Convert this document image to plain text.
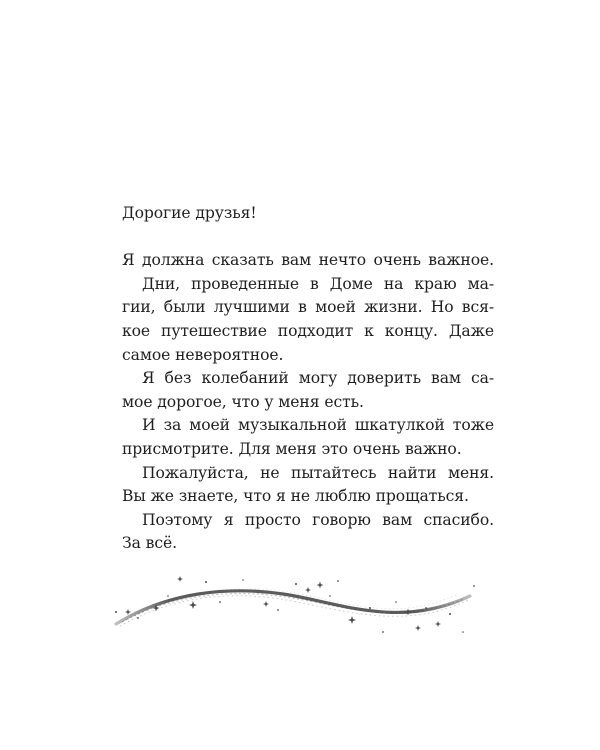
Дорогие друзья!
Я должна сказать вам нечто очень важное.
Дни, проведенные в Доме на краю ма-
гии, были лучшими в моей жизни. Но вся-
кое путешествие подходит к концу. Даже
самое невероятное.
Я без колебаний могу доверить вам са-
мое дорогое, что у меня есть.
И за моей музыкальной шкатулкой тоже
присмотрите. Для меня это очень важно.
Пожалуйста, не пытайтесь найти меня.
Вы же знаете, что я не люблю прощаться.
Поэтому я просто говорю вам спасибо.
За всё.
